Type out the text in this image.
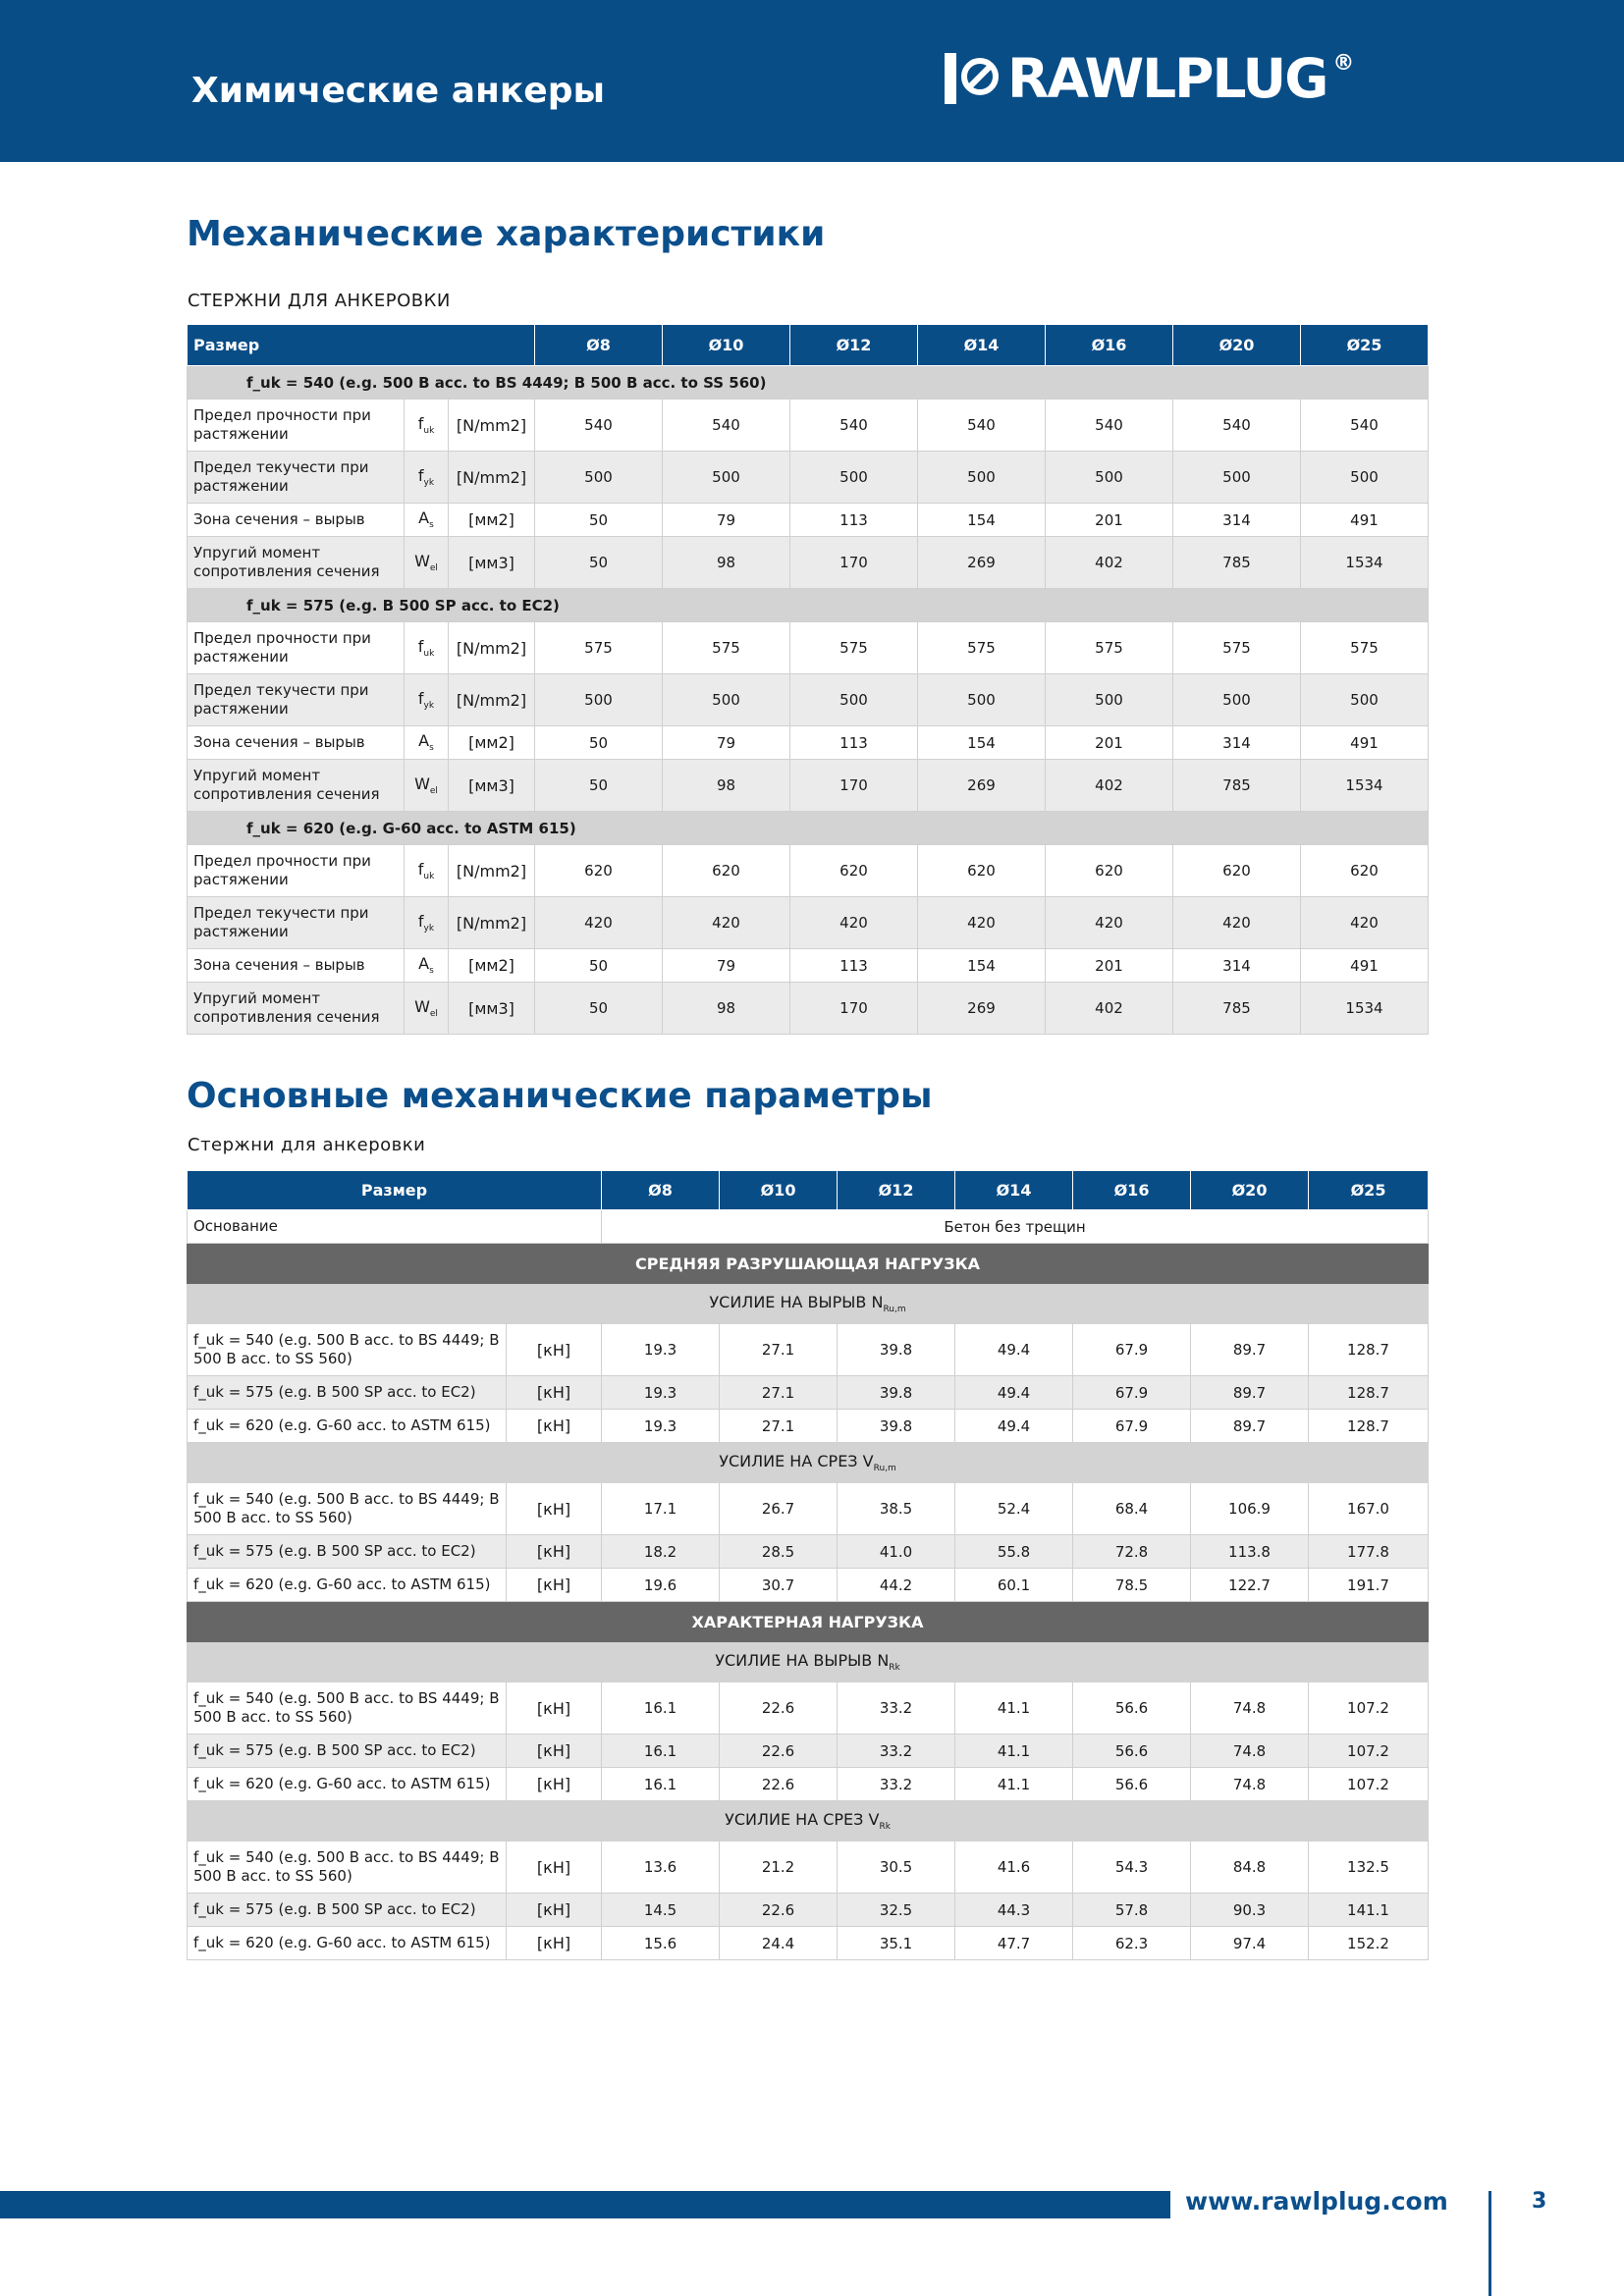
Химические анкеры	RAWLPLUG ®
Механические характеристики
СТЕРЖНИ ДЛЯ АНКЕРОВКИ
Размер			Ø8	Ø10	Ø12	Ø14	Ø16	Ø20	Ø25
f_uk = 540 (e.g. 500 B acc. to BS 4449; B 500 B acc. to SS 560)									
Предел прочности при растяжении	$f_{uk}$	[N/mm2]	540	540	540	540	540	540	540
Предел текучести при растяжении	$f_{yk}$	[N/mm2]	500	500	500	500	500	500	500
Зона сечения – вырыв	$A_s$	[мм2]	50	79	113	154	201	314	491
Упругий момент сопротивления сечения	$W_{el}$	[мм3]	50	98	170	269	402	785	1534
f_uk = 575 (e.g. B 500 SP acc. to EC2)									
Предел прочности при растяжении	$f_{uk}$	[N/mm2]	575	575	575	575	575	575	575
Предел текучести при растяжении	$f_{yk}$	[N/mm2]	500	500	500	500	500	500	500
Зона сечения – вырыв	$A_s$	[мм2]	50	79	113	154	201	314	491
Упругий момент сопротивления сечения	$W_{el}$	[мм3]	50	98	170	269	402	785	1534
f_uk = 620 (e.g. G-60 acc. to ASTM 615)									
Предел прочности при растяжении	$f_{uk}$	[N/mm2]	620	620	620	620	620	620	620
Предел текучести при растяжении	$f_{yk}$	[N/mm2]	420	420	420	420	420	420	420
Зона сечения – вырыв	$A_s$	[мм2]	50	79	113	154	201	314	491
Упругий момент сопротивления сечения	$W_{el}$	[мм3]	50	98	170	269	402	785	1534
Основные механические параметры
Стержни для анкеровки
Размер		Ø8	Ø10	Ø12	Ø14	Ø16	Ø20	Ø25
Основание		Бетон без трещин						
СРЕДНЯЯ РАЗРУШАЮЩАЯ НАГРУЗКА								
УСИЛИЕ НА ВЫРЫВ $N_{Ru,m}$
f_uk = 540 (e.g. 500 B acc. to BS 4449; B 500 B acc. to SS 560)	[кН]	19.3	27.1	39.8	49.4	67.9	89.7	128.7
f_uk = 575 (e.g. B 500 SP acc. to EC2)	[кН]	19.3	27.1	39.8	49.4	67.9	89.7	128.7
f_uk = 620 (e.g. G-60 acc. to ASTM 615)	[кН]	19.3	27.1	39.8	49.4	67.9	89.7	128.7
УСИЛИЕ НА СРЕЗ $V_{Ru,m}$
f_uk = 540 (e.g. 500 B acc. to BS 4449; B 500 B acc. to SS 560)	[кН]	17.1	26.7	38.5	52.4	68.4	106.9	167.0
f_uk = 575 (e.g. B 500 SP acc. to EC2)	[кН]	18.2	28.5	41.0	55.8	72.8	113.8	177.8
f_uk = 620 (e.g. G-60 acc. to ASTM 615)	[кН]	19.6	30.7	44.2	60.1	78.5	122.7	191.7
ХАРАКТЕРНАЯ НАГРУЗКА								
УСИЛИЕ НА ВЫРЫВ $N_{Rk}$
f_uk = 540 (e.g. 500 B acc. to BS 4449; B 500 B acc. to SS 560)	[кН]	16.1	22.6	33.2	41.1	56.6	74.8	107.2
f_uk = 575 (e.g. B 500 SP acc. to EC2)	[кН]	16.1	22.6	33.2	41.1	56.6	74.8	107.2
f_uk = 620 (e.g. G-60 acc. to ASTM 615)	[кН]	16.1	22.6	33.2	41.1	56.6	74.8	107.2
УСИЛИЕ НА СРЕЗ $V_{Rk}$
f_uk = 540 (e.g. 500 B acc. to BS 4449; B 500 B acc. to SS 560)	[кН]	13.6	21.2	30.5	41.6	54.3	84.8	132.5
f_uk = 575 (e.g. B 500 SP acc. to EC2)	[кН]	14.5	22.6	32.5	44.3	57.8	90.3	141.1
f_uk = 620 (e.g. G-60 acc. to ASTM 615)	[кН]	15.6	24.4	35.1	47.7	62.3	97.4	152.2
www.rawlplug.com	3
